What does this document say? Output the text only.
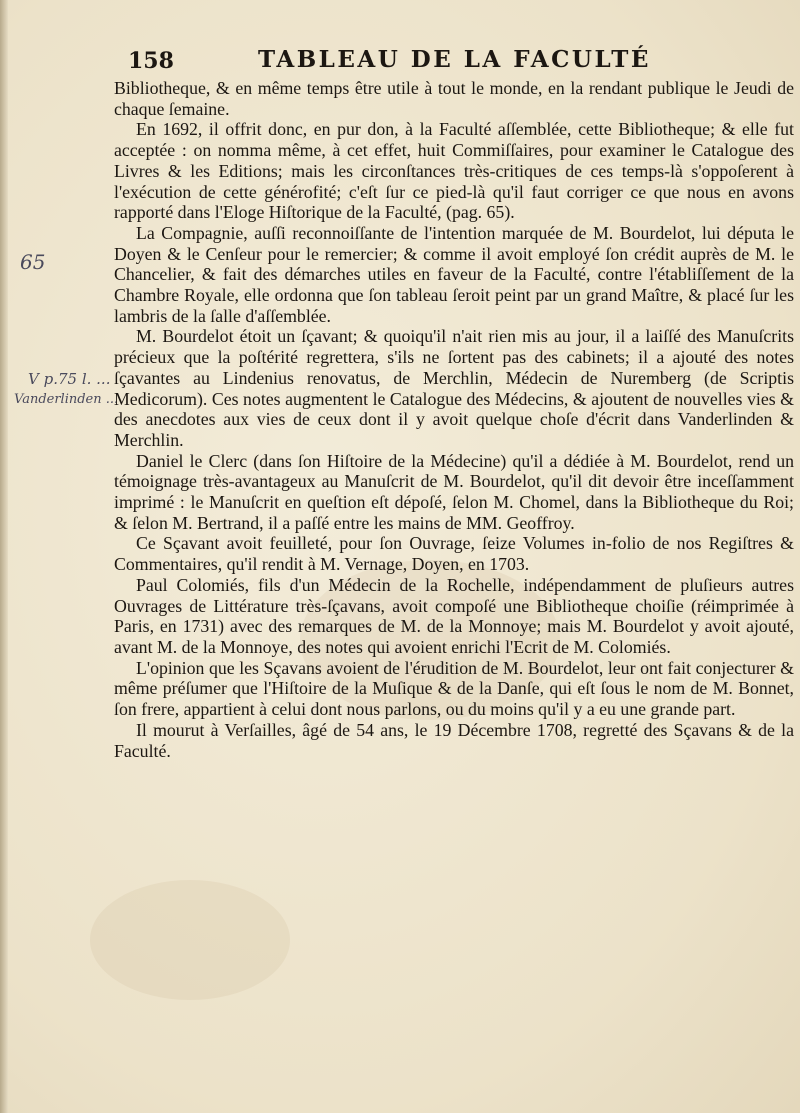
158	TABLEAU DE LA FACULTÉ
65
V p.75 l. ...
Vanderlinden ...

Bibliotheque, & en même temps être utile à tout le monde, en la rendant publique le Jeudi de chaque ſemaine.

En 1692, il offrit donc, en pur don, à la Faculté aſſemblée, cette Bibliotheque; & elle fut acceptée : on nomma même, à cet effet, huit Commiſſaires, pour examiner le Catalogue des Livres & les Editions; mais les circonſtances très-critiques de ces temps-là s'oppoſerent à l'exécution de cette générofité; c'eſt ſur ce pied-là qu'il faut corriger ce que nous en avons rapporté dans l'Eloge Hiſtorique de la Faculté, (pag. 65).

La Compagnie, auſſi reconnoiſſante de l'intention marquée de M. Bourdelot, lui députa le Doyen & le Cenſeur pour le remercier; & comme il avoit employé ſon crédit auprès de M. le Chancelier, & fait des démarches utiles en faveur de la Faculté, contre l'établiſſement de la Chambre Royale, elle ordonna que ſon tableau ſeroit peint par un grand Maître, & placé ſur les lambris de la ſalle d'aſſemblée.

M. Bourdelot étoit un ſçavant; & quoiqu'il n'ait rien mis au jour, il a laiſſé des Manuſcrits précieux que la poſtérité regrettera, s'ils ne ſortent pas des cabinets; il a ajouté des notes ſçavantes au Lindenius renovatus, de Merchlin, Médecin de Nuremberg (de Scriptis Medicorum). Ces notes augmentent le Catalogue des Médecins, & ajoutent de nouvelles vies & des anecdotes aux vies de ceux dont il y avoit quelque choſe d'écrit dans Vanderlinden & Merchlin.

Daniel le Clerc (dans ſon Hiſtoire de la Médecine) qu'il a dédiée à M. Bourdelot, rend un témoignage très-avantageux au Manuſcrit de M. Bourdelot, qu'il dit devoir être inceſſamment imprimé : le Manuſcrit en queſtion eſt dépoſé, ſelon M. Chomel, dans la Bibliotheque du Roi; & ſelon M. Bertrand, il a paſſé entre les mains de MM. Geoffroy.

Ce Sçavant avoit feuilleté, pour ſon Ouvrage, ſeize Volumes in-folio de nos Regiſtres & Commentaires, qu'il rendit à M. Vernage, Doyen, en 1703.

Paul Colomiés, fils d'un Médecin de la Rochelle, indépendamment de pluſieurs autres Ouvrages de Littérature très-ſçavans, avoit compoſé une Bibliotheque choiſie (réimprimée à Paris, en 1731) avec des remarques de M. de la Monnoye; mais M. Bourdelot y avoit ajouté, avant M. de la Monnoye, des notes qui avoient enrichi l'Ecrit de M. Colomiés.

L'opinion que les Sçavans avoient de l'érudition de M. Bourdelot, leur ont fait conjecturer & même préſumer que l'Hiſtoire de la Muſique & de la Danſe, qui eſt ſous le nom de M. Bonnet, ſon frere, appartient à celui dont nous parlons, ou du moins qu'il y a eu une grande part.

Il mourut à Verſailles, âgé de 54 ans, le 19 Décembre 1708, regretté des Sçavans & de la Faculté.
